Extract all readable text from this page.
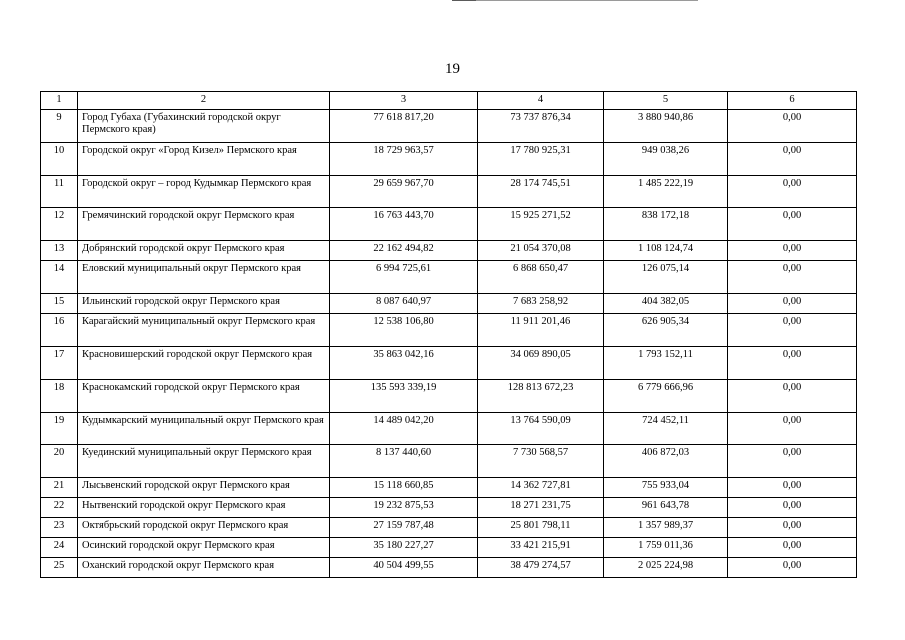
19
1	2	3	4	5	6
9	Город Губаха (Губахинский городской округ Пермского края)	77 618 817,20	73 737 876,34	3 880 940,86	0,00
10	Городской округ «Город Кизел» Пермского края	18 729 963,57	17 780 925,31	949 038,26	0,00
11	Городской округ – город Кудымкар Пермского края	29 659 967,70	28 174 745,51	1 485 222,19	0,00
12	Гремячинский городской округ Пермского края	16 763 443,70	15 925 271,52	838 172,18	0,00
13	Добрянский городской округ Пермского края	22 162 494,82	21 054 370,08	1 108 124,74	0,00
14	Еловский муниципальный округ Пермского края	6 994 725,61	6 868 650,47	126 075,14	0,00
15	Ильинский городской округ Пермского края	8 087 640,97	7 683 258,92	404 382,05	0,00
16	Карагайский муниципальный округ Пермского края	12 538 106,80	11 911 201,46	626 905,34	0,00
17	Красновишерский городской округ Пермского края	35 863 042,16	34 069 890,05	1 793 152,11	0,00
18	Краснокамский городской округ Пермского края	135 593 339,19	128 813 672,23	6 779 666,96	0,00
19	Кудымкарский муниципальный округ Пермского края	14 489 042,20	13 764 590,09	724 452,11	0,00
20	Куединский муниципальный округ Пермского края	8 137 440,60	7 730 568,57	406 872,03	0,00
21	Лысьвенский городской округ Пермского края	15 118 660,85	14 362 727,81	755 933,04	0,00
22	Нытвенский городской округ Пермского края	19 232 875,53	18 271 231,75	961 643,78	0,00
23	Октябрьский городской округ Пермского края	27 159 787,48	25 801 798,11	1 357 989,37	0,00
24	Осинский городской округ Пермского края	35 180 227,27	33 421 215,91	1 759 011,36	0,00
25	Оханский городской округ Пермского края	40 504 499,55	38 479 274,57	2 025 224,98	0,00
